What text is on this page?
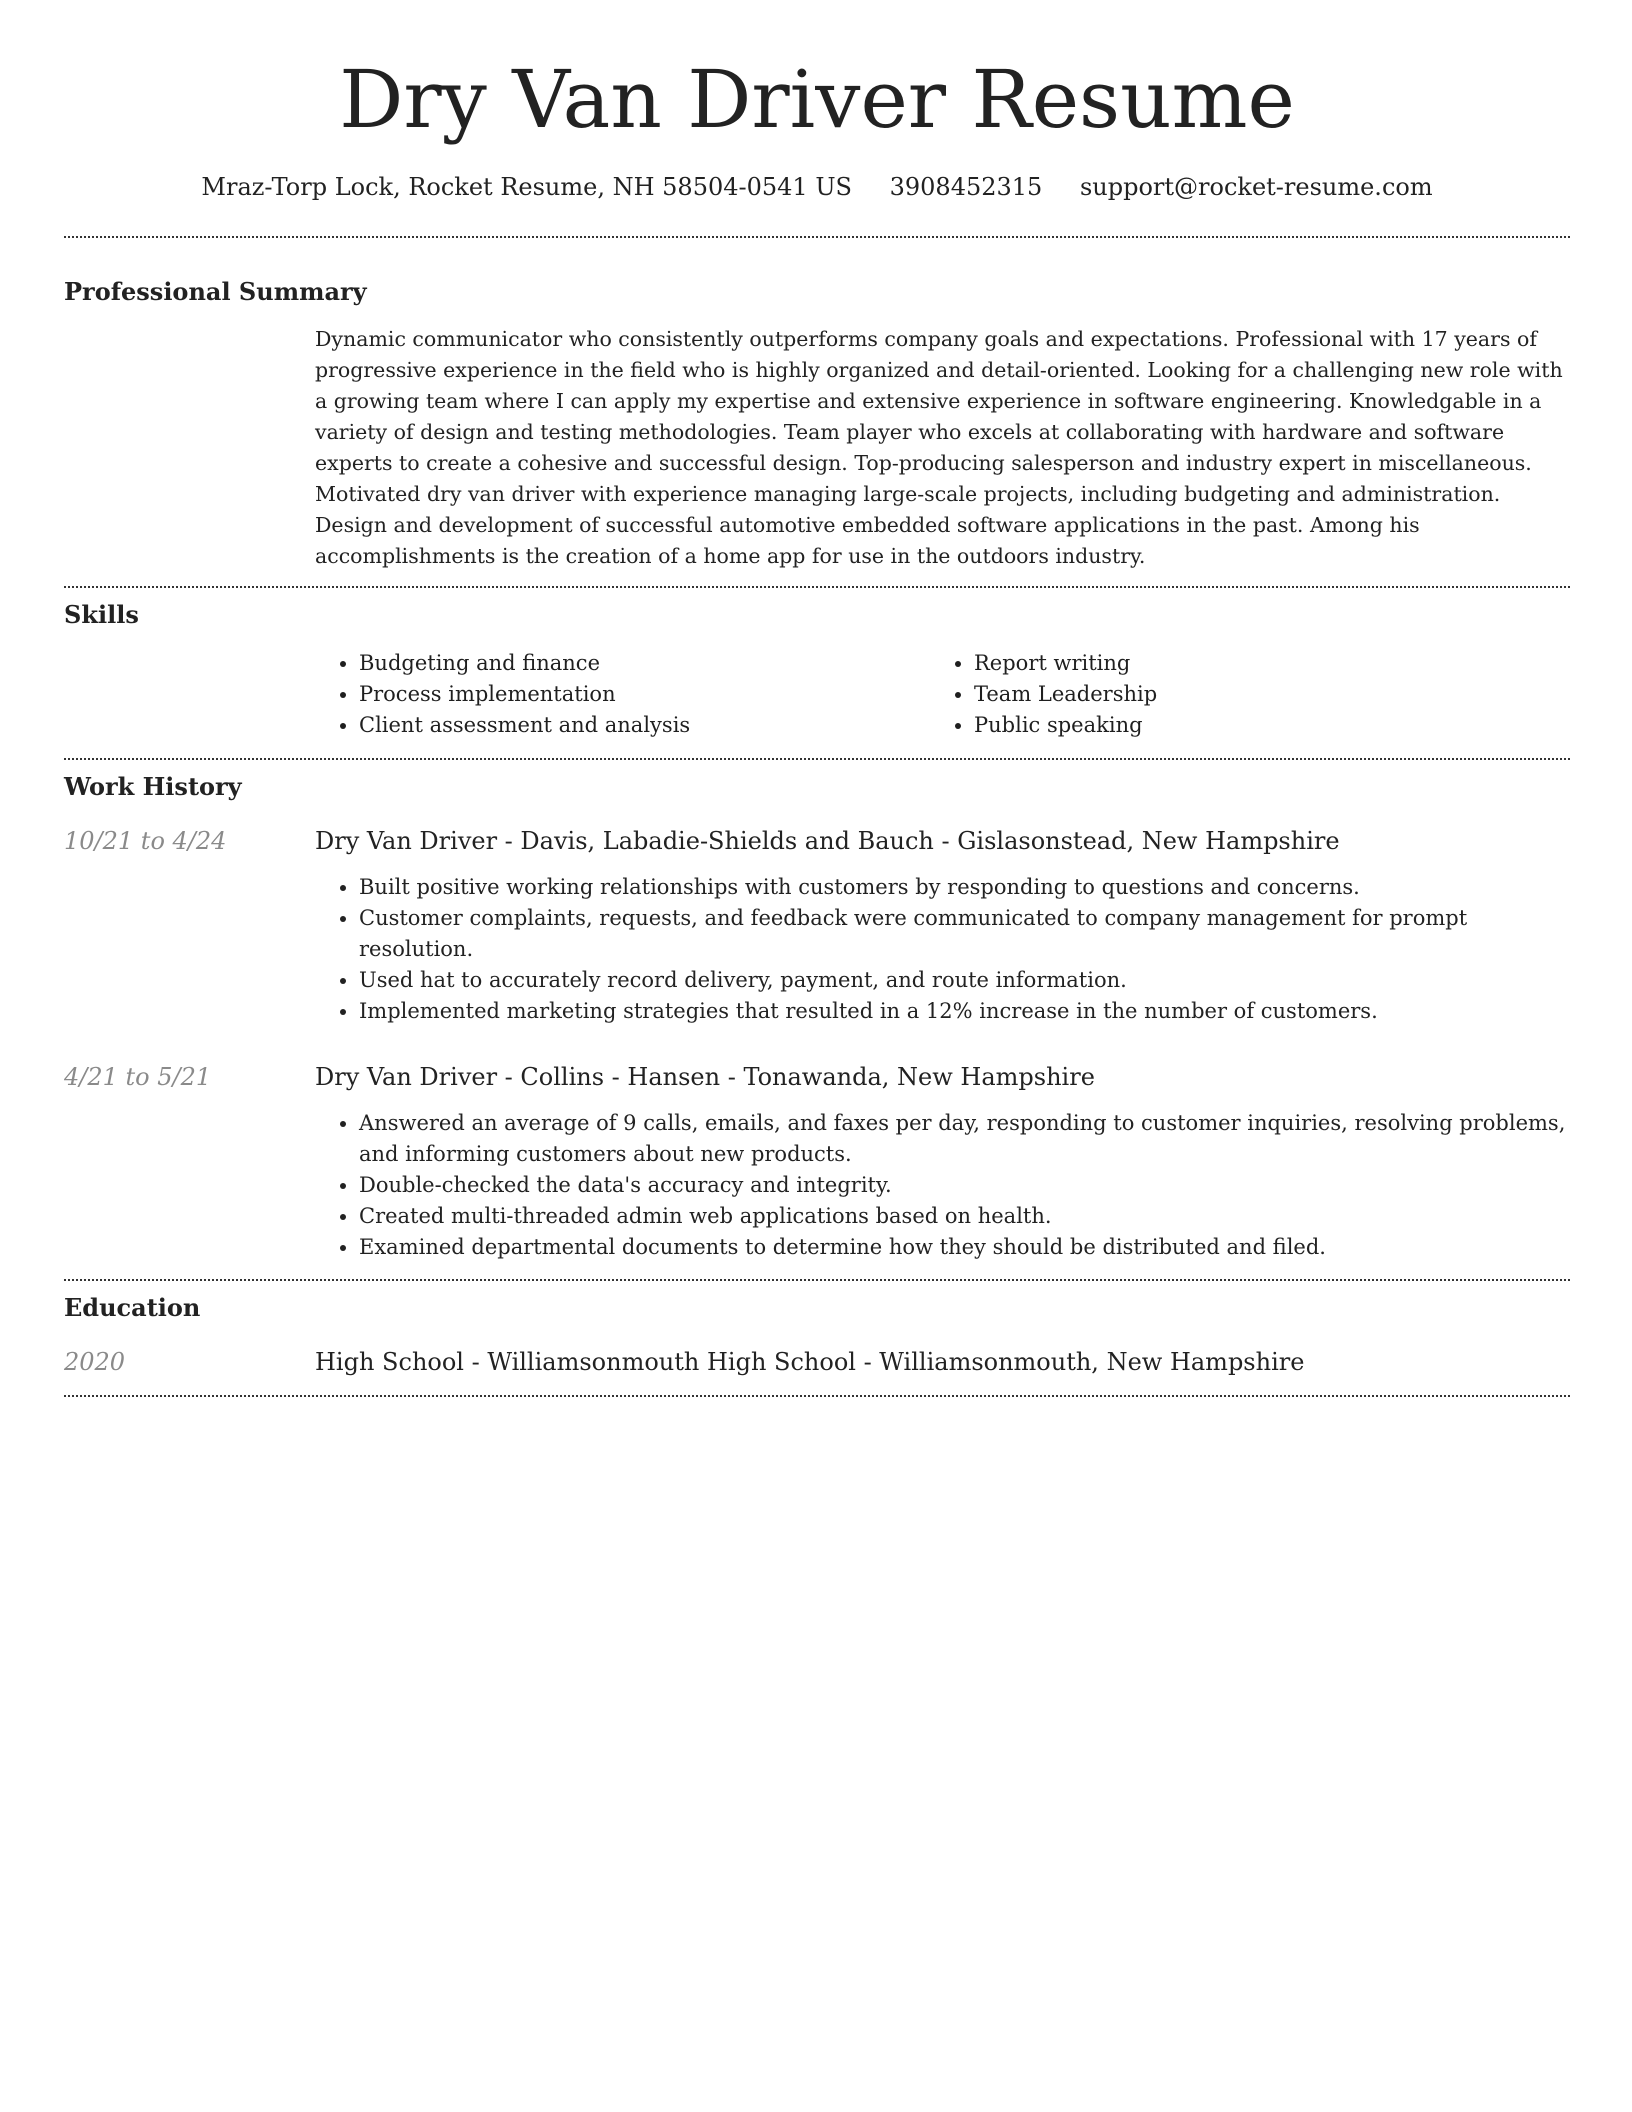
Dry Van Driver Resume
Mraz-Torp Lock, Rocket Resume, NH 58504-0541 US 3908452315 support@rocket-resume.com
Professional Summary

Dynamic communicator who consistently outperforms company goals and expectations. Professional with 17 years of progressive experience in the field who is highly organized and detail-oriented. Looking for a challenging new role with a growing team where I can apply my expertise and extensive experience in software engineering. Knowledgable in a variety of design and testing methodologies. Team player who excels at collaborating with hardware and software experts to create a cohesive and successful design. Top-producing salesperson and industry expert in miscellaneous. Motivated dry van driver with experience managing large-scale projects, including budgeting and administration. Design and development of successful automotive embedded software applications in the past. Among his accomplishments is the creation of a home app for use in the outdoors industry.

Skills
• Budgeting and finance
• Process implementation
• Client assessment and analysis
• Report writing
• Team Leadership
• Public speaking
Work History
10/21 to 4/24	Dry Van Driver - Davis, Labadie-Shields and Bauch - Gislasonstead, New Hampshire
• Built positive working relationships with customers by responding to questions and concerns.
• Customer complaints, requests, and feedback were communicated to company management for prompt resolution.
• Used hat to accurately record delivery, payment, and route information.
• Implemented marketing strategies that resulted in a 12% increase in the number of customers.
4/21 to 5/21	Dry Van Driver - Collins - Hansen - Tonawanda, New Hampshire
• Answered an average of 9 calls, emails, and faxes per day, responding to customer inquiries, resolving problems, and informing customers about new products.
• Double-checked the data's accuracy and integrity.
• Created multi-threaded admin web applications based on health.
• Examined departmental documents to determine how they should be distributed and filed.
Education
2020	High School - Williamsonmouth High School - Williamsonmouth, New Hampshire
